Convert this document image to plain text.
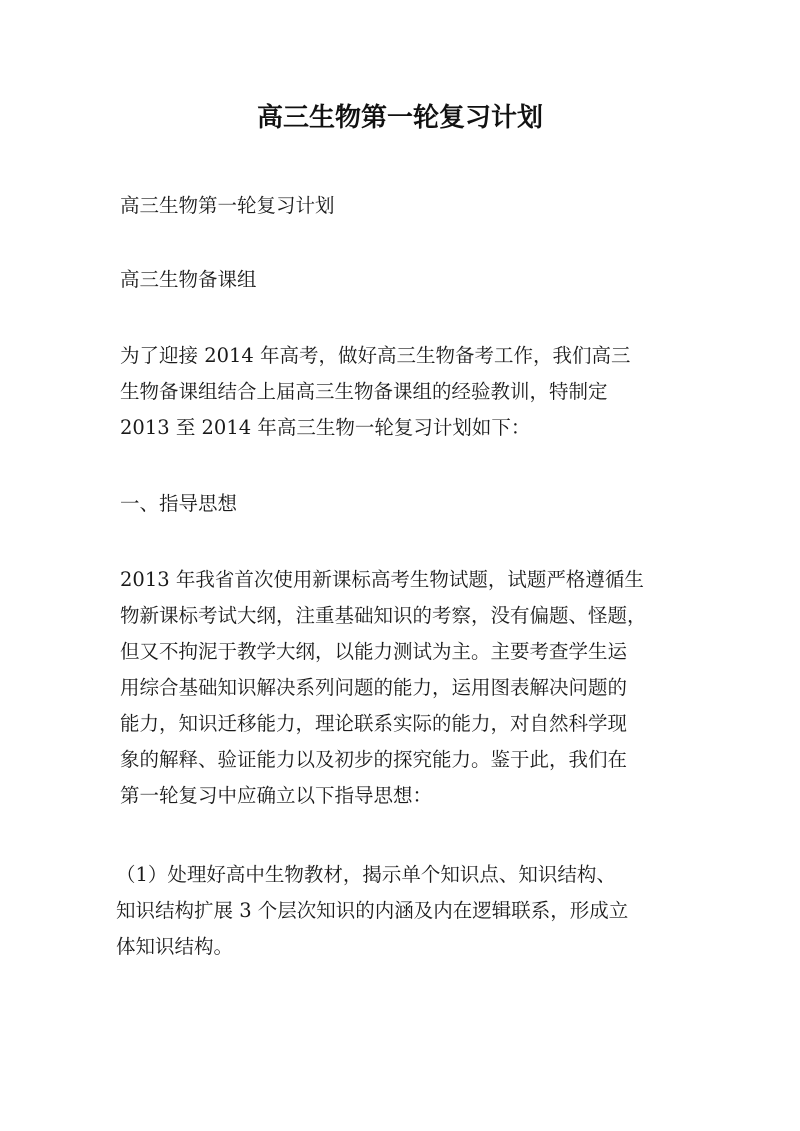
高三生物第一轮复习计划
高三生物第一轮复习计划
高三生物备课组
为了迎接 2014 年高考，做好高三生物备考工作，我们高三
生物备课组结合上届高三生物备课组的经验教训，特制定
2013 至 2014 年高三生物一轮复习计划如下：
一、指导思想
2013 年我省首次使用新课标高考生物试题，试题严格遵循生
物新课标考试大纲，注重基础知识的考察，没有偏题、怪题，
但又不拘泥于教学大纲，以能力测试为主。主要考查学生运
用综合基础知识解决系列问题的能力，运用图表解决问题的
能力，知识迁移能力，理论联系实际的能力，对自然科学现
象的解释、验证能力以及初步的探究能力。鉴于此，我们在
第一轮复习中应确立以下指导思想：
（1）处理好高中生物教材，揭示单个知识点、知识结构、
知识结构扩展 3 个层次知识的内涵及内在逻辑联系，形成立
体知识结构。
